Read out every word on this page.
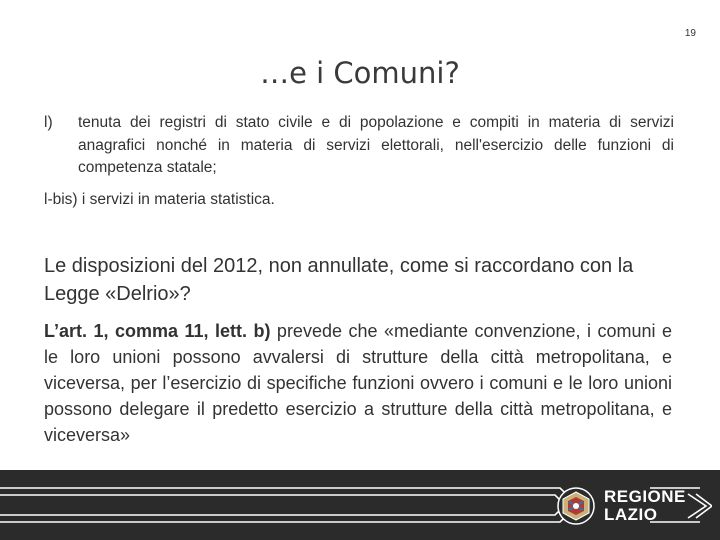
19
…e i Comuni?
l) tenuta dei registri di stato civile e di popolazione e compiti in materia di servizi anagrafici nonché in materia di servizi elettorali, nell'esercizio delle funzioni di competenza statale;
l-bis) i servizi in materia statistica.
Le disposizioni del 2012, non annullate, come si raccordano con la Legge «Delrio»?
L’art. 1, comma 11, lett. b) prevede che «mediante convenzione, i comuni e le loro unioni possono avvalersi di strutture della città metropolitana, e viceversa, per l’esercizio di specifiche funzioni ovvero i comuni e le loro unioni possono delegare il predetto esercizio a strutture della città metropolitana, e viceversa»
REGIONE
LAZIO
